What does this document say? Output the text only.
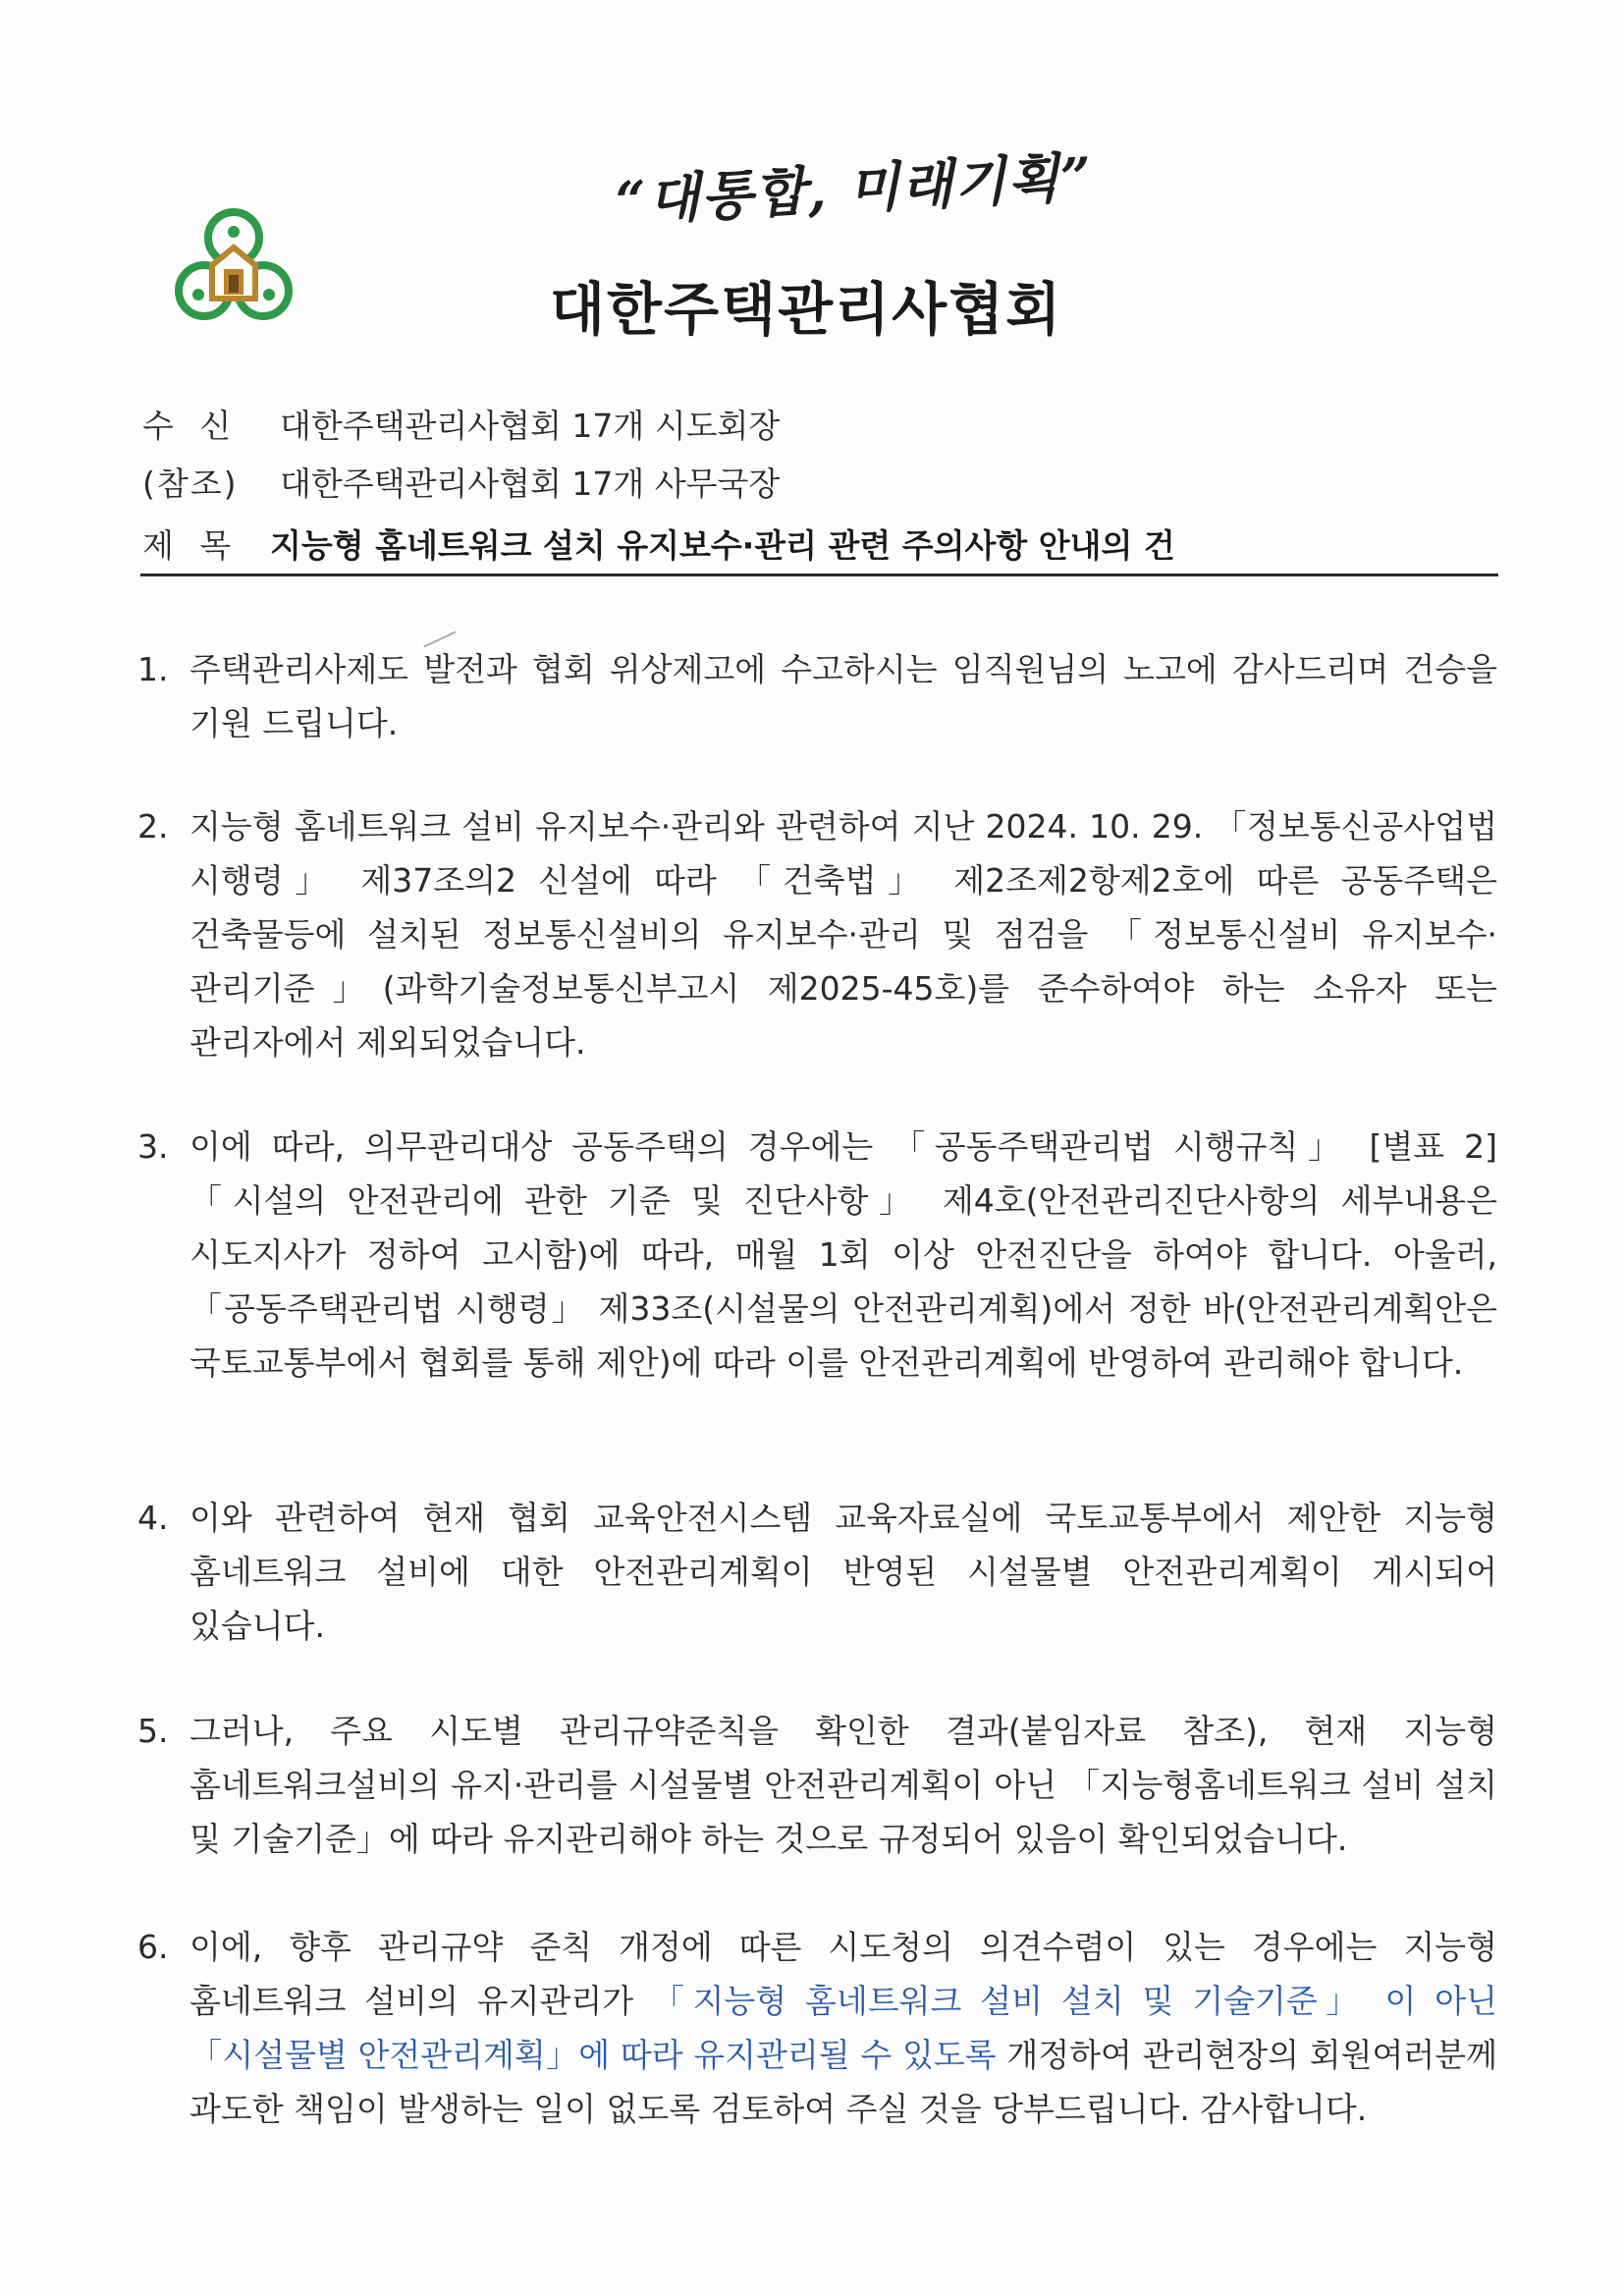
“대통합, 미래기획”
대한주택관리사협회
수 신 대한주택관리사협회 17개 시도회장
(참조) 대한주택관리사협회 17개 사무국장
제 목 지능형 홈네트워크 설치 유지보수·관리 관련 주의사항 안내의 건
1. 주택관리사제도 발전과 협회 위상제고에 수고하시는 임직원님의 노고에 감사드리며 건승을 기원 드립니다.
2. 지능형 홈네트워크 설비 유지보수·관리와 관련하여 지난 2024. 10. 29. 「정보통신공사업법 시행령」 제37조의2 신설에 따라 「건축법」 제2조제2항제2호에 따른 공동주택은 건축물등에 설치된 정보통신설비의 유지보수·관리 및 점검을 「정보통신설비 유지보수·관리기준」(과학기술정보통신부고시 제2025-45호)를 준수하여야 하는 소유자 또는 관리자에서 제외되었습니다.
3. 이에 따라, 의무관리대상 공동주택의 경우에는 「공동주택관리법 시행규칙」 [별표 2] 「시설의 안전관리에 관한 기준 및 진단사항」 제4호(안전관리진단사항의 세부내용은 시도지사가 정하여 고시함)에 따라, 매월 1회 이상 안전진단을 하여야 합니다. 아울러, 「공동주택관리법 시행령」 제33조(시설물의 안전관리계획)에서 정한 바(안전관리계획안은 국토교통부에서 협회를 통해 제안)에 따라 이를 안전관리계획에 반영하여 관리해야 합니다.
4. 이와 관련하여 현재 협회 교육안전시스템 교육자료실에 국토교통부에서 제안한 지능형 홈네트워크 설비에 대한 안전관리계획이 반영된 시설물별 안전관리계획이 게시되어 있습니다.
5. 그러나, 주요 시도별 관리규약준칙을 확인한 결과(붙임자료 참조), 현재 지능형 홈네트워크설비의 유지·관리를 시설물별 안전관리계획이 아닌 「지능형홈네트워크 설비 설치 및 기술기준」에 따라 유지관리해야 하는 것으로 규정되어 있음이 확인되었습니다.
6. 이에, 향후 관리규약 준칙 개정에 따른 시도청의 의견수렴이 있는 경우에는 지능형 홈네트워크 설비의 유지관리가 「지능형 홈네트워크 설비 설치 및 기술기준」 이 아닌 「시설물별 안전관리계획」에 따라 유지관리될 수 있도록 개정하여 관리현장의 회원여러분께 과도한 책임이 발생하는 일이 없도록 검토하여 주실 것을 당부드립니다. 감사합니다.
